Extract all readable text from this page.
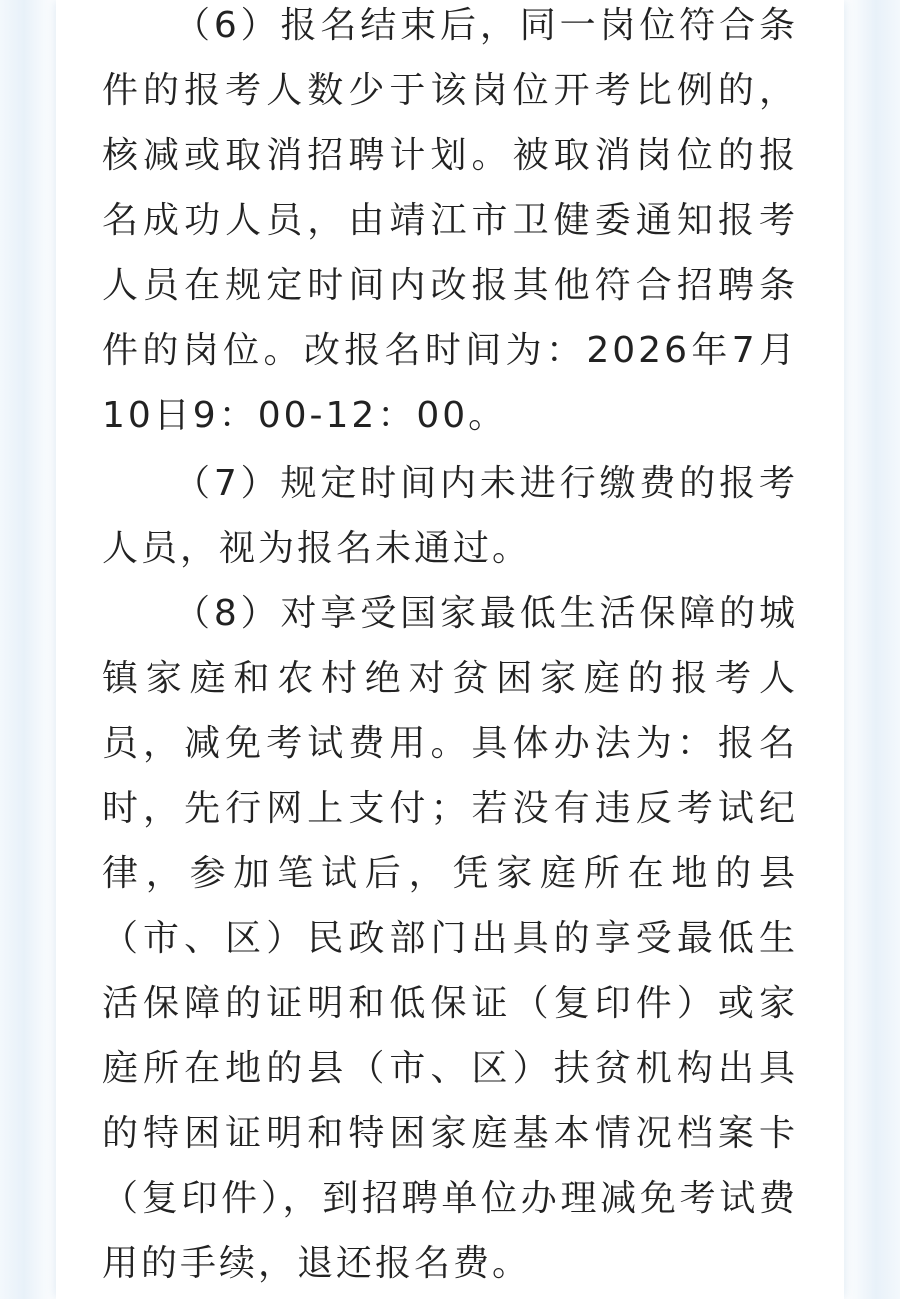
（6）报名结束后，同一岗位符合条
件的报考人数少于该岗位开考比例的，
核减或取消招聘计划。被取消岗位的报
名成功人员，由靖江市卫健委通知报考
人员在规定时间内改报其他符合招聘条
件的岗位。改报名时间为：2026年7月
10日9：00-12：00。
（7）规定时间内未进行缴费的报考
人员，视为报名未通过。
（8）对享受国家最低生活保障的城
镇家庭和农村绝对贫困家庭的报考人
员，减免考试费用。具体办法为：报名
时，先行网上支付；若没有违反考试纪
律，参加笔试后，凭家庭所在地的县
（市、区）民政部门出具的享受最低生
活保障的证明和低保证（复印件）或家
庭所在地的县（市、区）扶贫机构出具
的特困证明和特困家庭基本情况档案卡
（复印件），到招聘单位办理减免考试费
用的手续，退还报名费。
